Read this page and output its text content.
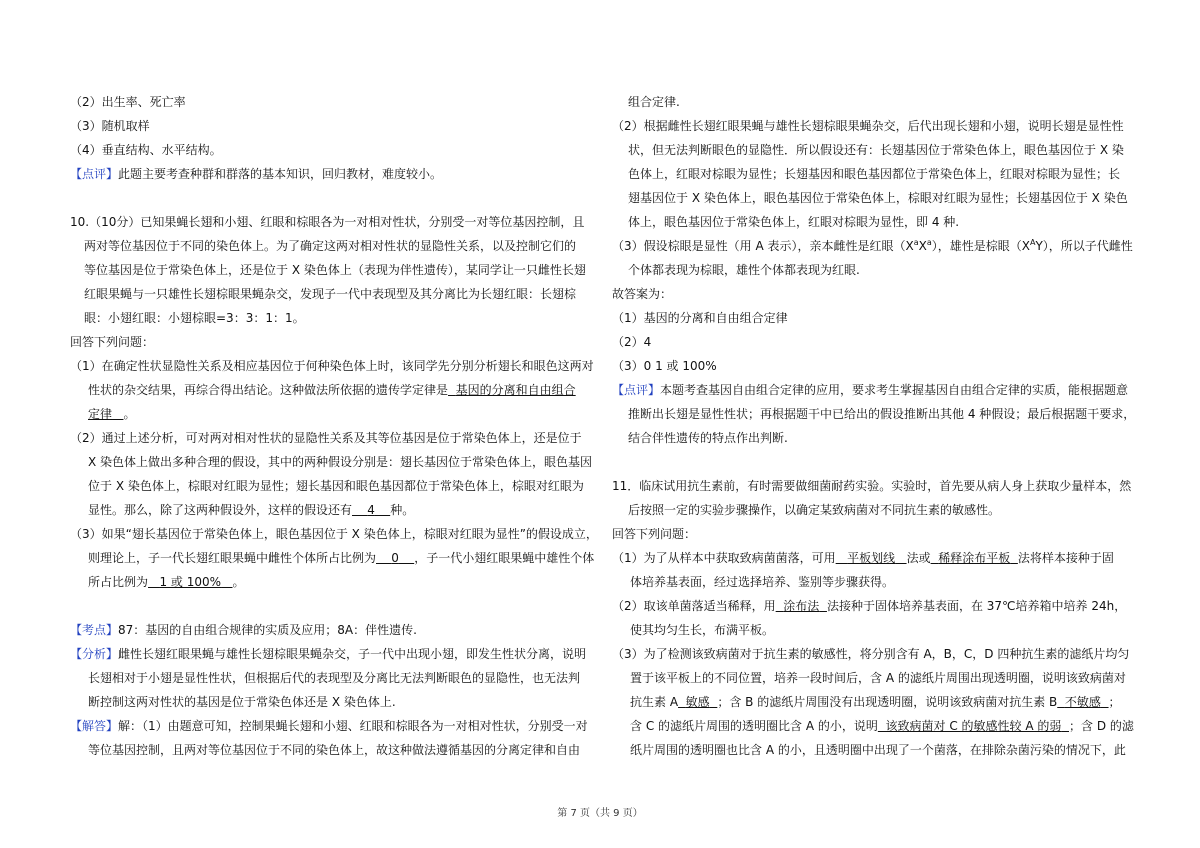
（2）出生率、死亡率
（3）随机取样
（4）垂直结构、水平结构。
【点评】此题主要考查种群和群落的基本知识，回归教材，难度较小。
10.（10分）已知果蝇长翅和小翅、红眼和棕眼各为一对相对性状，分别受一对等位基因控制，且
两对等位基因位于不同的染色体上。为了确定这两对相对性状的显隐性关系，以及控制它们的
等位基因是位于常染色体上，还是位于 X 染色体上（表现为伴性遗传），某同学让一只雌性长翅
红眼果蝇与一只雄性长翅棕眼果蝇杂交，发现子一代中表现型及其分离比为长翅红眼：长翅棕
眼：小翅红眼：小翅棕眼=3：3：1：1。
回答下列问题：
（1）在确定性状显隐性关系及相应基因位于何种染色体上时，该同学先分别分析翅长和眼色这两对
性状的杂交结果，再综合得出结论。这种做法所依据的遗传学定律是 基因的分离和自由组合
定律 。
（2）通过上述分析，可对两对相对性状的显隐性关系及其等位基因是位于常染色体上，还是位于
X 染色体上做出多种合理的假设，其中的两种假设分别是：翅长基因位于常染色体上，眼色基因
位于 X 染色体上，棕眼对红眼为显性；翅长基因和眼色基因都位于常染色体上，棕眼对红眼为
显性。那么，除了这两种假设外，这样的假设还有 4 种。
（3）如果“翅长基因位于常染色体上，眼色基因位于 X 染色体上，棕眼对红眼为显性”的假设成立，
则理论上，子一代长翅红眼果蝇中雌性个体所占比例为 0 ，子一代小翅红眼果蝇中雄性个体
所占比例为 1 或 100% 。
【考点】87：基因的自由组合规律的实质及应用；8A：伴性遗传.
【分析】雌性长翅红眼果蝇与雄性长翅棕眼果蝇杂交，子一代中出现小翅，即发生性状分离，说明
长翅相对于小翅是显性性状，但根据后代的表现型及分离比无法判断眼色的显隐性，也无法判
断控制这两对性状的基因是位于常染色体还是 X 染色体上.
【解答】解：（1）由题意可知，控制果蝇长翅和小翅、红眼和棕眼各为一对相对性状，分别受一对
等位基因控制，且两对等位基因位于不同的染色体上，故这种做法遵循基因的分离定律和自由
组合定律.
（2）根据雌性长翅红眼果蝇与雄性长翅棕眼果蝇杂交，后代出现长翅和小翅，说明长翅是显性性
状，但无法判断眼色的显隐性．所以假设还有：长翅基因位于常染色体上，眼色基因位于 X 染
色体上，红眼对棕眼为显性；长翅基因和眼色基因都位于常染色体上，红眼对棕眼为显性；长
翅基因位于 X 染色体上，眼色基因位于常染色体上，棕眼对红眼为显性；长翅基因位于 X 染色
体上，眼色基因位于常染色体上，红眼对棕眼为显性，即 4 种.
（3）假设棕眼是显性（用 A 表示），亲本雌性是红眼$(X^aX^a)$，雄性是棕眼$(X^AY)$，所以子代雌性
个体都表现为棕眼，雄性个体都表现为红眼.
故答案为：
（1）基因的分离和自由组合定律
（2）4
（3）0 1 或 100%
【点评】本题考查基因自由组合定律的应用，要求考生掌握基因自由组合定律的实质，能根据题意
推断出长翅是显性性状；再根据题干中已给出的假设推断出其他 4 种假设；最后根据题干要求，
结合伴性遗传的特点作出判断.
11．临床试用抗生素前，有时需要做细菌耐药实验。实验时，首先要从病人身上获取少量样本，然
后按照一定的实验步骤操作，以确定某致病菌对不同抗生素的敏感性。
回答下列问题：
（1）为了从样本中获取致病菌菌落，可用 平板划线 法或 稀释涂布平板 法将样本接种于固
体培养基表面，经过选择培养、鉴别等步骤获得。
（2）取该单菌落适当稀释，用 涂布法 法接种于固体培养基表面，在 37℃培养箱中培养 24h，
使其均匀生长，布满平板。
（3）为了检测该致病菌对于抗生素的敏感性，将分别含有 A，B，C，D 四种抗生素的滤纸片均匀
置于该平板上的不同位置，培养一段时间后，含 A 的滤纸片周围出现透明圈，说明该致病菌对
抗生素 A 敏感 ；含 B 的滤纸片周围没有出现透明圈，说明该致病菌对抗生素 B 不敏感 ；
含 C 的滤纸片周围的透明圈比含 A 的小，说明 该致病菌对 C 的敏感性较 A 的弱 ；含 D 的滤
纸片周围的透明圈也比含 A 的小，且透明圈中出现了一个菌落，在排除杂菌污染的情况下，此
第 7 页（共 9 页）
